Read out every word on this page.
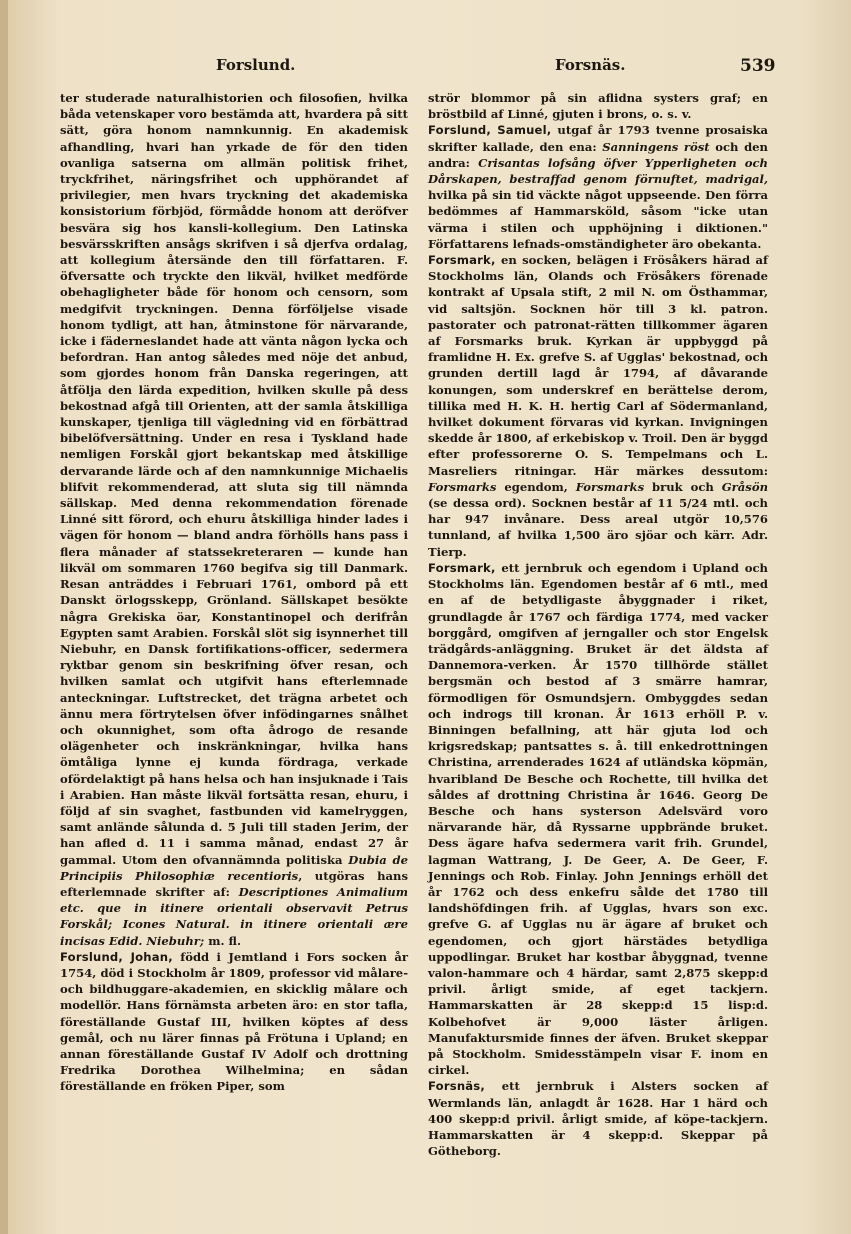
Forslund.	Forsnäs.	539

ter studerade naturalhistorien och filosofien, hvilka båda vetenskaper voro bestämda att, hvardera på sitt sätt, göra honom namnkunnig. En akademisk afhandling, hvari han yrkade de för den tiden ovanliga satserna om allmän politisk frihet, tryckfrihet, näringsfrihet och upphörandet af privilegier, men hvars tryckning det akademiska konsistorium förbjöd, förmådde honom att deröfver besvära sig hos kansli-kollegium. Den Latinska besvärsskriften ansågs skrifven i så djerfva ordalag, att kollegium återsände den till författaren. F. öfversatte och tryckte den likväl, hvilket medförde obehagligheter både för honom och censorn, som medgifvit tryckningen. Denna förföljelse visade honom tydligt, att han, åtminstone för närvarande, icke i fäderneslandet hade att vänta någon lycka och befordran. Han antog således med nöje det anbud, som gjordes honom från Danska regeringen, att åtfölja den lärda expedition, hvilken skulle på dess bekostnad afgå till Orienten, att der samla åtskilliga kunskaper, tjenliga till vägledning vid en förbättrad bibelöfversättning. Under en resa i Tyskland hade nemligen Forskål gjort bekantskap med åtskillige dervarande lärde och af den namnkunnige Michaelis blifvit rekommenderad, att sluta sig till nämnda sällskap. Med denna rekommendation förenade Linné sitt förord, och ehuru åtskilliga hinder lades i vägen för honom — bland andra förhölls hans pass i flera månader af statssekreteraren — kunde han likväl om sommaren 1760 begifva sig till Danmark. Resan anträddes i Februari 1761, ombord på ett Danskt örlogsskepp, Grönland. Sällskapet besökte några Grekiska öar, Konstantinopel och derifrån Egypten samt Arabien. Forskål slöt sig isynnerhet till Niebuhr, en Dansk fortifikations-officer, sedermera ryktbar genom sin beskrifning öfver resan, och hvilken samlat och utgifvit hans efterlemnade anteckningar. Luftstrecket, det trägna arbetet och ännu mera förtrytelsen öfver infödingarnes snålhet och okunnighet, som ofta ådrogo de resande olägenheter och inskränkningar, hvilka hans ömtåliga lynne ej kunda fördraga, verkade ofördelaktigt på hans helsa och han insjuknade i Tais i Arabien. Han måste likväl fortsätta resan, ehuru, i följd af sin svaghet, fastbunden vid kamelryggen, samt anlände sålunda d. 5 Juli till staden Jerim, der han afled d. 11 i samma månad, endast 27 år gammal. Utom den ofvannämnda politiska Dubia de Principiis Philosophiæ recentioris, utgöras hans efterlemnade skrifter af: Descriptiones Animalium etc. que in itinere orientali observavit Petrus Forskål; Icones Natural. in itinere orientali ære incisas Edid. Niebuhr; m. fl.

Forslund, Johan, född i Jemtland i Fors socken år 1754, död i Stockholm år 1809, professor vid målare- och bildhuggare-akademien, en skicklig målare och modellör. Hans förnämsta arbeten äro: en stor tafla, föreställande Gustaf III, hvilken köptes af dess gemål, och nu lärer finnas på Frötuna i Upland; en annan föreställande Gustaf IV Adolf och drottning Fredrika Dorothea Wilhelmina; en sådan föreställande en fröken Piper, som

strör blommor på sin aflidna systers graf; en bröstbild af Linné, gjuten i brons, o. s. v.

Forslund, Samuel, utgaf år 1793 tvenne prosaiska skrifter kallade, den ena: Sanningens röst och den andra: Crisantas lofsång öfver Ypperligheten och Dårskapen, bestraffad genom förnuftet, madrigal, hvilka på sin tid väckte något uppseende. Den förra bedömmes af Hammarsköld, såsom "icke utan värma i stilen och upphöjning i diktionen." Författarens lefnads-omständigheter äro obekanta.

Forsmark, en socken, belägen i Frösåkers härad af Stockholms län, Olands och Frösåkers förenade kontrakt af Upsala stift, 2 mil N. om Östhammar, vid saltsjön. Socknen hör till 3 kl. patron. pastorater och patronat-rätten tillkommer ägaren af Forsmarks bruk. Kyrkan är uppbyggd på framlidne H. Ex. grefve S. af Ugglas' bekostnad, och grunden dertill lagd år 1794, af dåvarande konungen, som underskref en berättelse derom, tillika med H. K. H. hertig Carl af Södermanland, hvilket dokument förvaras vid kyrkan. Invigningen skedde år 1800, af erkebiskop v. Troil. Den är byggd efter professorerne O. S. Tempelmans och L. Masreliers ritningar. Här märkes dessutom: Forsmarks egendom, Forsmarks bruk och Gråsön (se dessa ord). Socknen består af 11 5/24 mtl. och har 947 invånare. Dess areal utgör 10,576 tunnland, af hvilka 1,500 äro sjöar och kärr. Adr. Tierp.

Forsmark, ett jernbruk och egendom i Upland och Stockholms län. Egendomen består af 6 mtl., med en af de betydligaste åbyggnader i riket, grundlagde år 1767 och färdiga 1774, med vacker borggård, omgifven af jerngaller och stor Engelsk trädgårds-anläggning. Bruket är det äldsta af Dannemora-verken. År 1570 tillhörde stället bergsmän och bestod af 3 smärre hamrar, förmodligen för Osmundsjern. Ombyggdes sedan och indrogs till kronan. År 1613 erhöll P. v. Binningen befallning, att här gjuta lod och krigsredskap; pantsattes s. å. till enkedrottningen Christina, arrenderades 1624 af utländska köpmän, hvaribland De Besche och Rochette, till hvilka det såldes af drottning Christina år 1646. Georg De Besche och hans systerson Adelsvärd voro närvarande här, då Ryssarne uppbrände bruket. Dess ägare hafva sedermera varit frih. Grundel, lagman Wattrang, J. De Geer, A. De Geer, F. Jennings och Rob. Finlay. John Jennings erhöll det år 1762 och dess enkefru sålde det 1780 till landshöfdingen frih. af Ugglas, hvars son exc. grefve G. af Ugglas nu är ägare af bruket och egendomen, och gjort härstädes betydliga uppodlingar. Bruket har kostbar åbyggnad, tvenne valon-hammare och 4 härdar, samt 2,875 skepp:d privil. årligt smide, af eget tackjern. Hammarskatten är 28 skepp:d 15 lisp:d. Kolbehofvet är 9,000 läster årligen. Manufaktursmide finnes der äfven. Bruket skeppar på Stockholm. Smidesstämpeln visar F. inom en cirkel.

Forsnäs, ett jernbruk i Alsters socken af Wermlands län, anlagdt år 1628. Har 1 härd och 400 skepp:d privil. årligt smide, af köpe-tackjern. Hammarskatten är 4 skepp:d. Skeppar på Götheborg.
